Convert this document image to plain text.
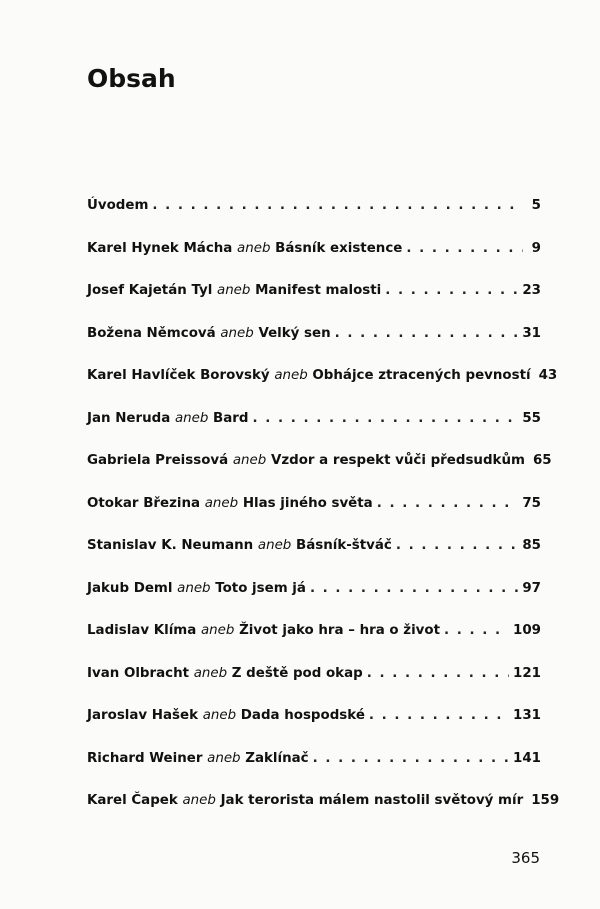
Obsah
Úvodem . . .	5
Karel Hynek Mácha aneb Básník existence . . .	9
Josef Kajetán Tyl aneb Manifest malosti . . .	23
Božena Němcová aneb Velký sen . . .	31
Karel Havlíček Borovský aneb Obhájce ztracených pevností 43
Jan Neruda aneb Bard . . .	55
Gabriela Preissová aneb Vzdor a respekt vůči předsudkům 65
Otokar Březina aneb Hlas jiného světa . . .	75
Stanislav K. Neumann aneb Básník-štváč . . .	85
Jakub Deml aneb Toto jsem já . . .	97
Ladislav Klíma aneb Život jako hra – hra o život . . .	109
Ivan Olbracht aneb Z deště pod okap . . .	121
Jaroslav Hašek aneb Dada hospodské . . .	131
Richard Weiner aneb Zaklínač . . .	141
Karel Čapek aneb Jak terorista málem nastolil světový mír 159
365
